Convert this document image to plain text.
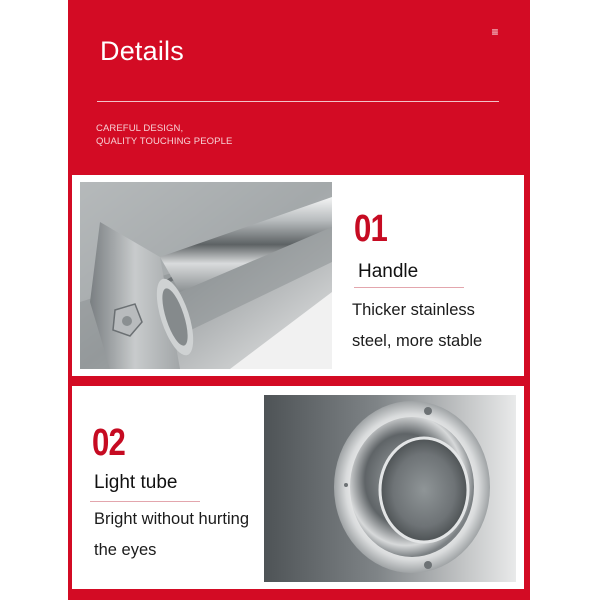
Details
≡
CAREFUL DESIGN,
QUALITY TOUCHING PEOPLE
01
Handle
Thicker stainless
steel, more stable
02
Light tube
Bright without hurting
the eyes
